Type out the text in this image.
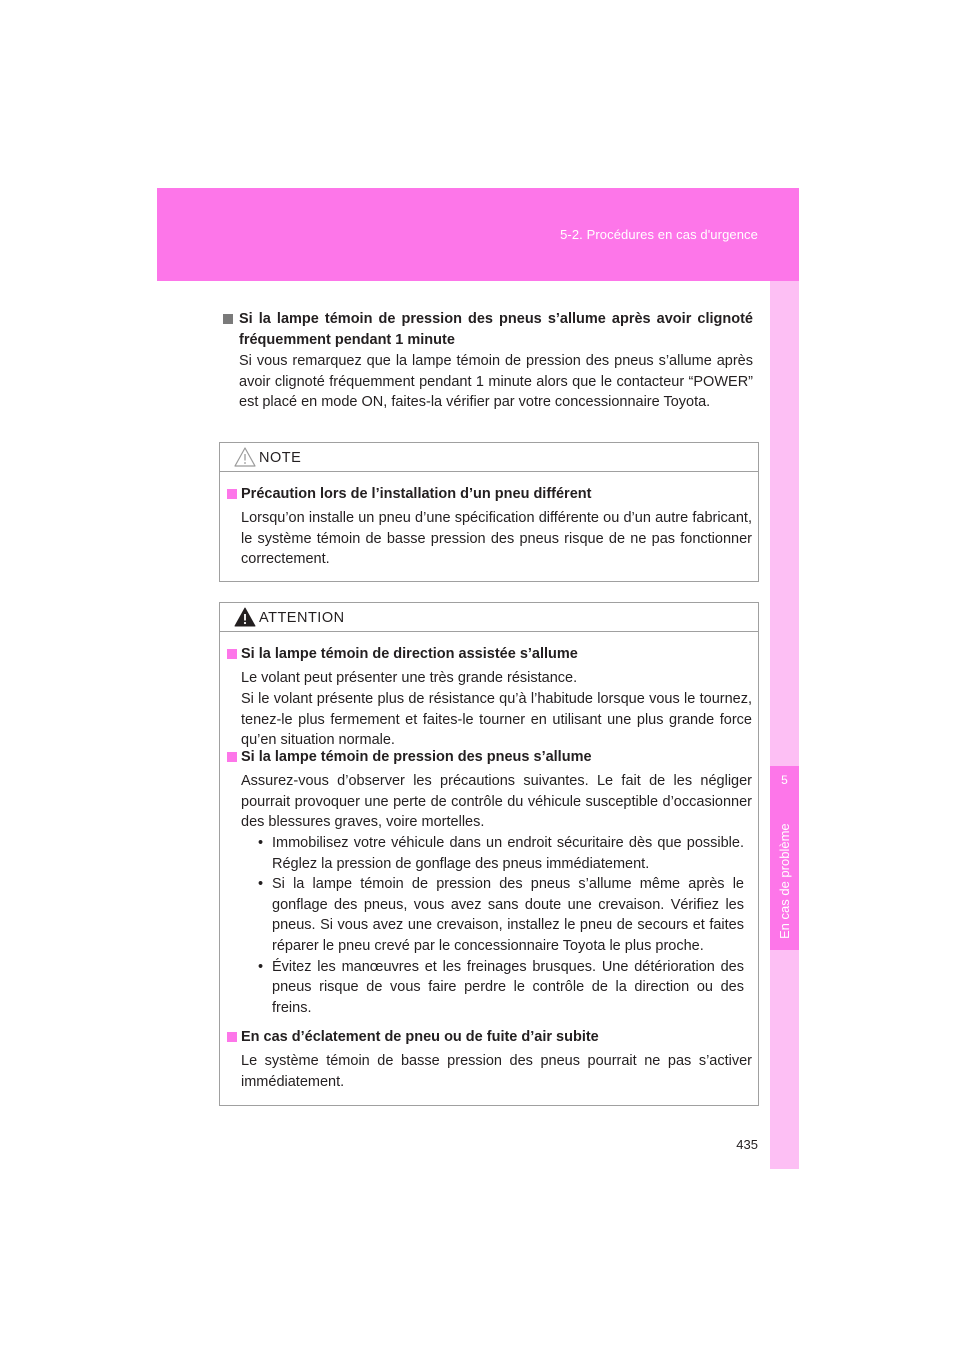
5-2. Procédures en cas d'urgence
5
En cas de problème
Si la lampe témoin de pression des pneus s’allume après avoir clignoté fréquemment pendant 1 minute
Si vous remarquez que la lampe témoin de pression des pneus s’allume après avoir clignoté fréquemment pendant 1 minute alors que le contacteur “POWER” est placé en mode ON, faites-la vérifier par votre concessionnaire Toyota.
NOTE
Précaution lors de l’installation d’un pneu différent
Lorsqu’on installe un pneu d’une spécification différente ou d’un autre fabricant, le système témoin de basse pression des pneus risque de ne pas fonctionner correctement.
ATTENTION
Si la lampe témoin de direction assistée s’allume
Le volant peut présenter une très grande résistance.
Si le volant présente plus de résistance qu’à l’habitude lorsque vous le tournez, tenez-le plus fermement et faites-le tourner en utilisant une plus grande force qu’en situation normale.
Si la lampe témoin de pression des pneus s’allume
Assurez-vous d’observer les précautions suivantes. Le fait de les négliger pourrait provoquer une perte de contrôle du véhicule susceptible d’occasionner des blessures graves, voire mortelles.
• Immobilisez votre véhicule dans un endroit sécuritaire dès que possible. Réglez la pression de gonflage des pneus immédiatement.
• Si la lampe témoin de pression des pneus s’allume même après le gonflage des pneus, vous avez sans doute une crevaison. Vérifiez les pneus. Si vous avez une crevaison, installez le pneu de secours et faites réparer le pneu crevé par le concessionnaire Toyota le plus proche.
• Évitez les manœuvres et les freinages brusques. Une détérioration des pneus risque de vous faire perdre le contrôle de la direction ou des freins.
En cas d’éclatement de pneu ou de fuite d’air subite
Le système témoin de basse pression des pneus pourrait ne pas s’activer immédiatement.
435
